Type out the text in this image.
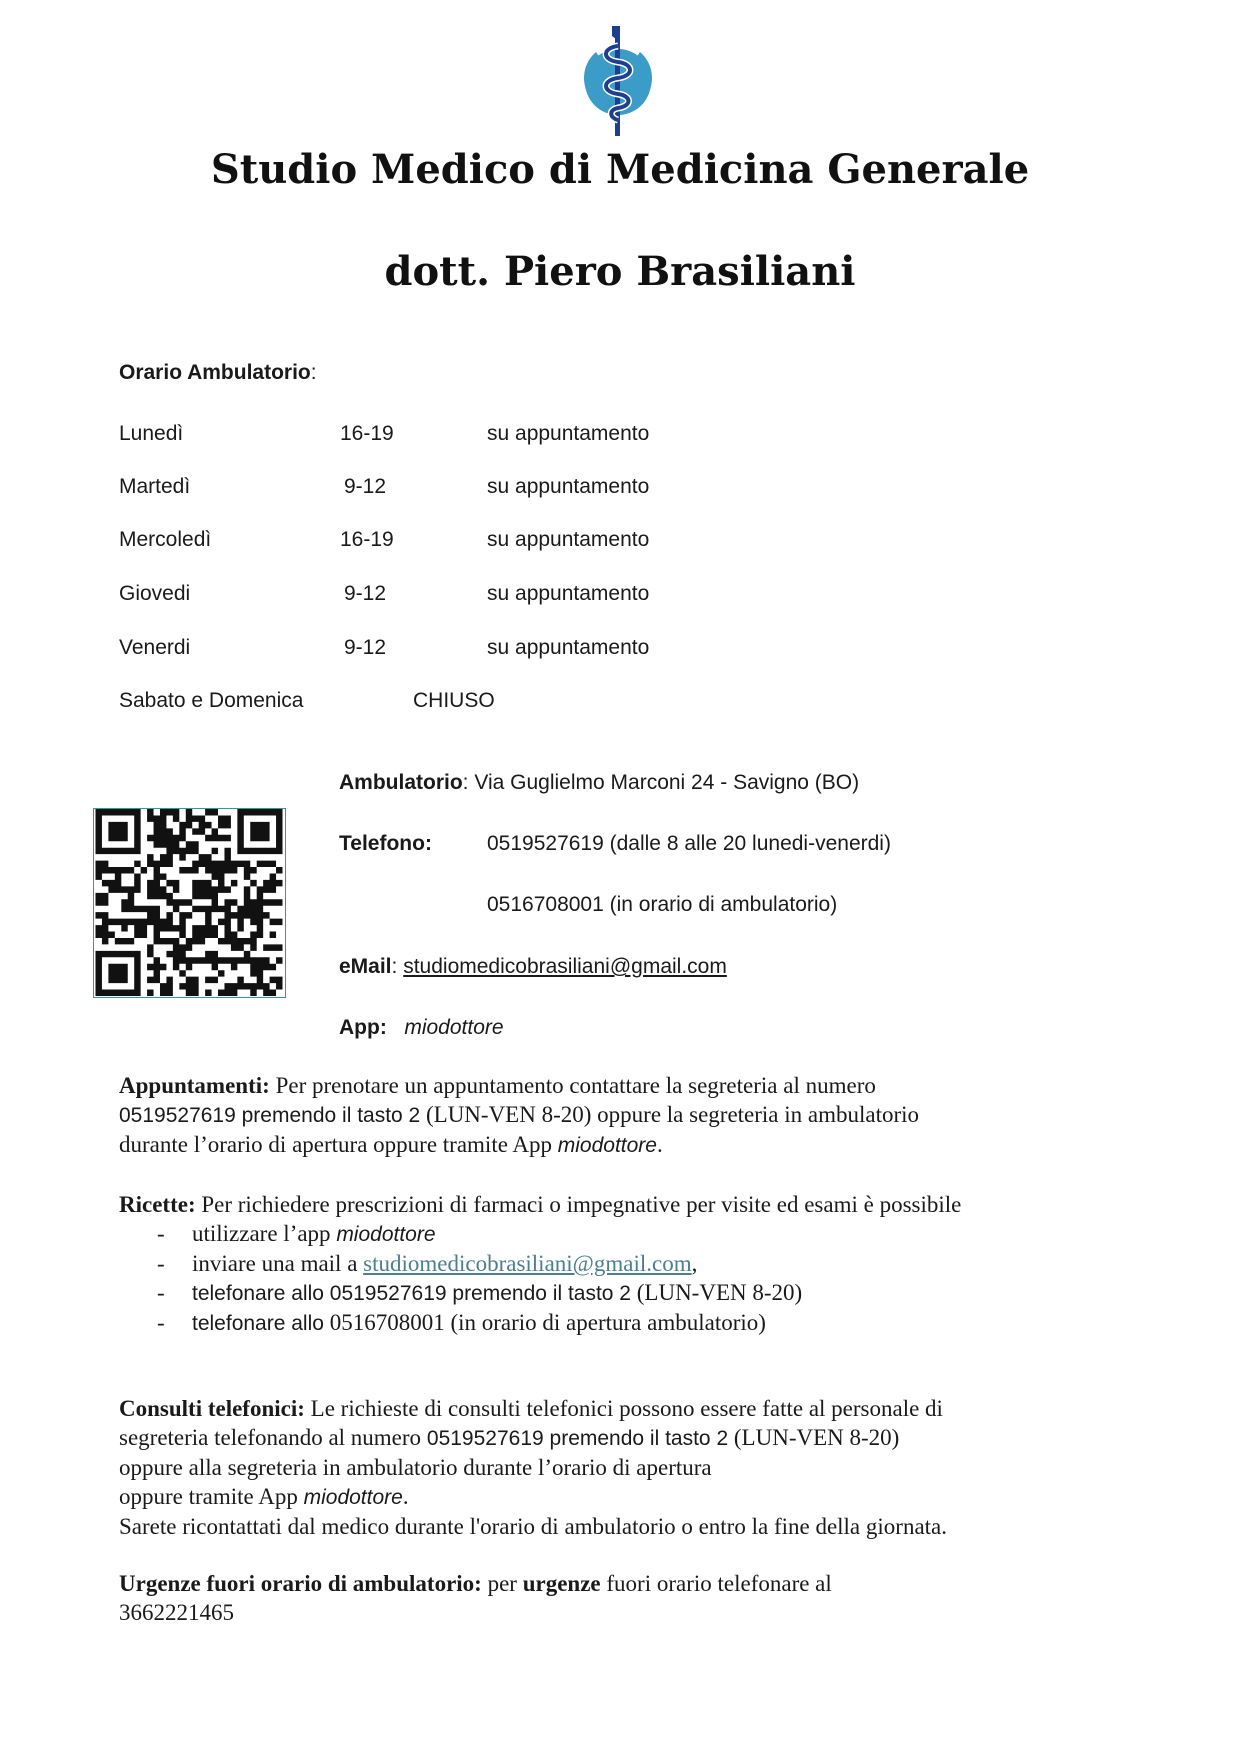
Studio Medico di Medicina Generale
dott. Piero Brasiliani
Orario Ambulatorio:
Lunedì	16-19	su appuntamento
Martedì	9-12	su appuntamento
Mercoledì	16-19	su appuntamento
Giovedi	9-12	su appuntamento
Venerdi	9-12	su appuntamento
Sabato e Domenica	CHIUSO
Ambulatorio: Via Guglielmo Marconi 24 - Savigno (BO)
Telefono:	0519527619 (dalle 8 alle 20 lunedi-venerdi)
0516708001 (in orario di ambulatorio)
eMail: studiomedicobrasiliani@gmail.com
App: miodottore
Appuntamenti: Per prenotare un appuntamento contattare la segreteria al numero
0519527619 premendo il tasto 2 (LUN-VEN 8-20) oppure la segreteria in ambulatorio
durante l’orario di apertura oppure tramite App miodottore.
Ricette: Per richiedere prescrizioni di farmaci o impegnative per visite ed esami è possibile
- utilizzare l’app miodottore
- inviare una mail a studiomedicobrasiliani@gmail.com,
- telefonare allo 0519527619 premendo il tasto 2 (LUN-VEN 8-20)
- telefonare allo 0516708001 (in orario di apertura ambulatorio)
Consulti telefonici: Le richieste di consulti telefonici possono essere fatte al personale di
segreteria telefonando al numero 0519527619 premendo il tasto 2 (LUN-VEN 8-20)
oppure alla segreteria in ambulatorio durante l’orario di apertura
oppure tramite App miodottore.
Sarete ricontattati dal medico durante l'orario di ambulatorio o entro la fine della giornata.
Urgenze fuori orario di ambulatorio: per urgenze fuori orario telefonare al
3662221465
